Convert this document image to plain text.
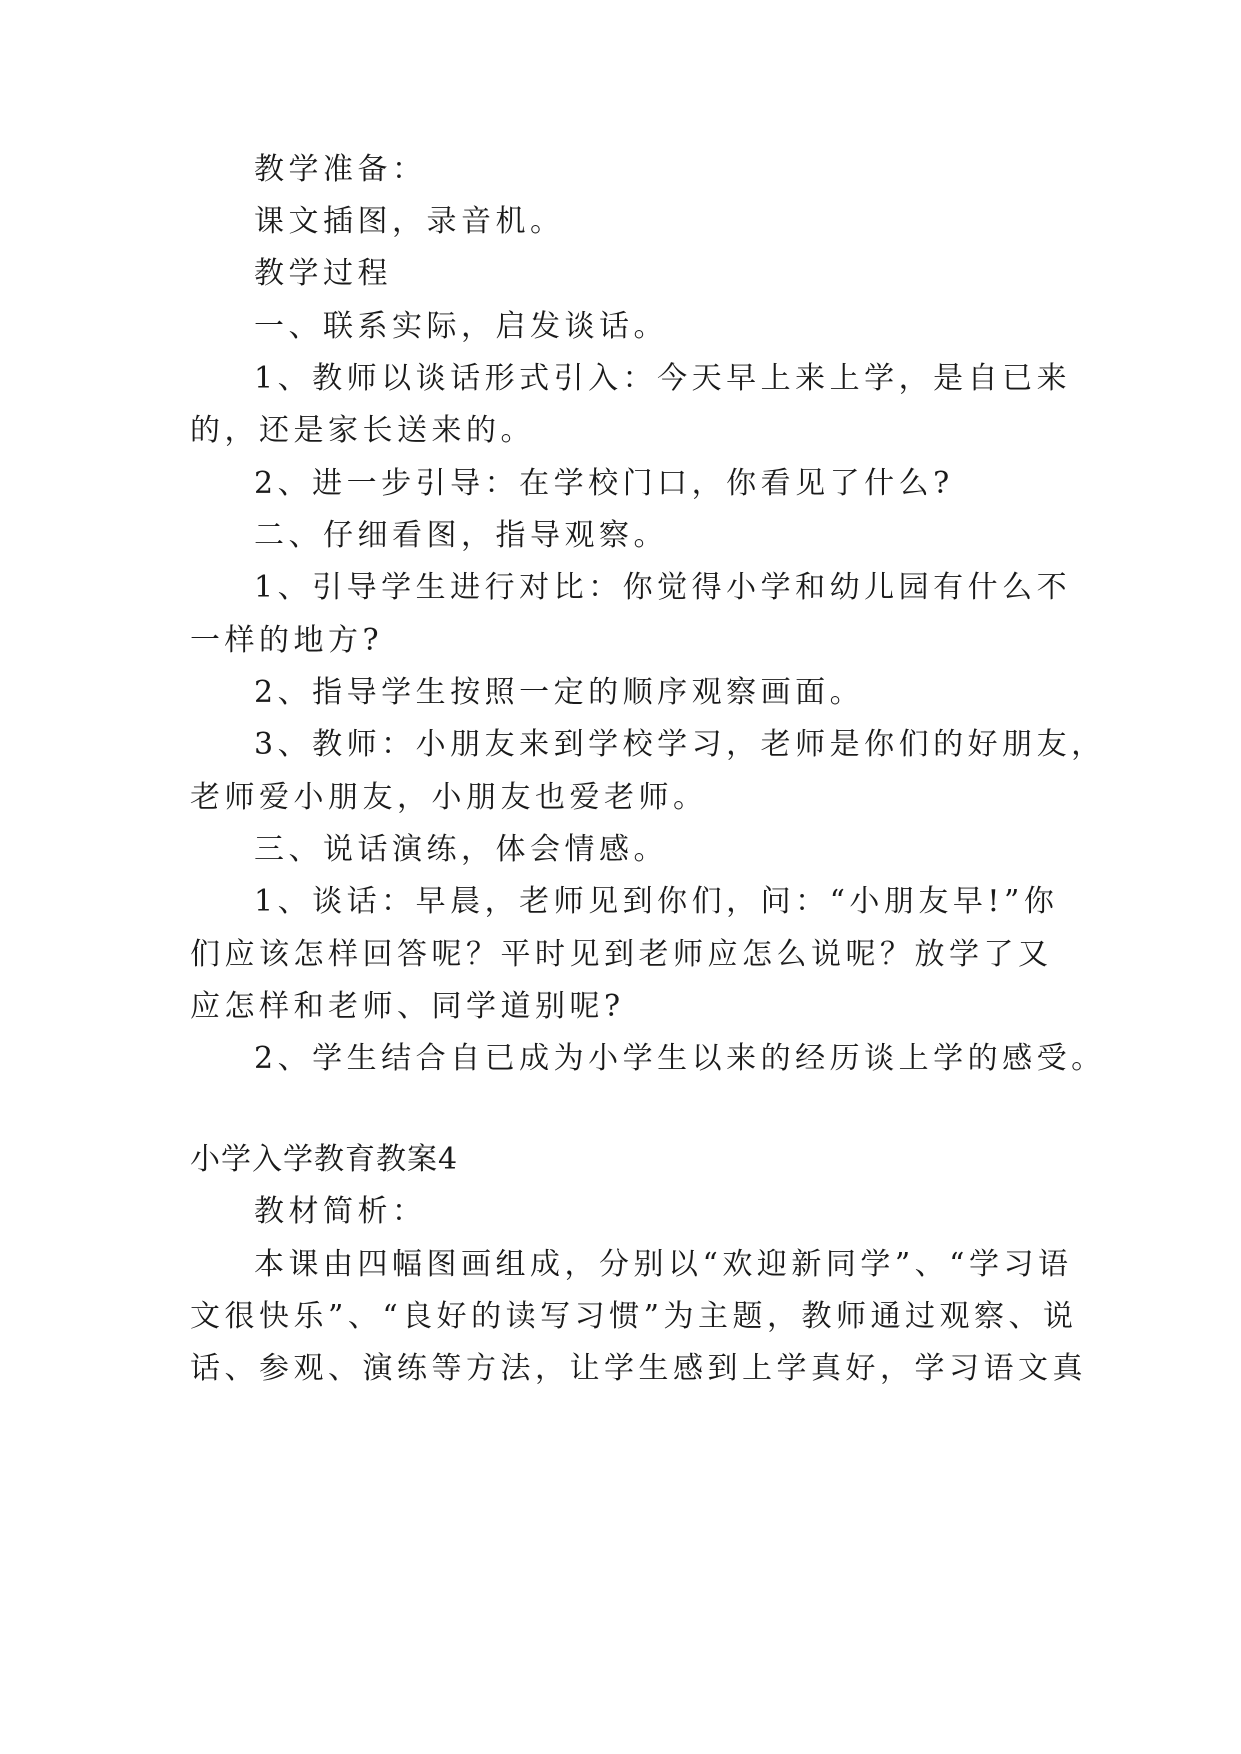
教学准备：
课文插图，录音机。
教学过程
一、联系实际，启发谈话。
1、教师以谈话形式引入：今天早上来上学，是自已来
的，还是家长送来的。
2、进一步引导：在学校门口，你看见了什么?
二、仔细看图，指导观察。
1、引导学生进行对比：你觉得小学和幼儿园有什么不
一样的地方?
2、指导学生按照一定的顺序观察画面。
3、教师：小朋友来到学校学习，老师是你们的好朋友，
老师爱小朋友，小朋友也爱老师。
三、说话演练，体会情感。
1、谈话：早晨，老师见到你们，问：“小朋友早!”你
们应该怎样回答呢？平时见到老师应怎么说呢？放学了又
应怎样和老师、同学道别呢?
2、学生结合自已成为小学生以来的经历谈上学的感受。
小学入学教育教案4
教材简析：
本课由四幅图画组成，分别以“欢迎新同学”、“学习语
文很快乐”、“良好的读写习惯”为主题，教师通过观察、说
话、参观、演练等方法，让学生感到上学真好，学习语文真
